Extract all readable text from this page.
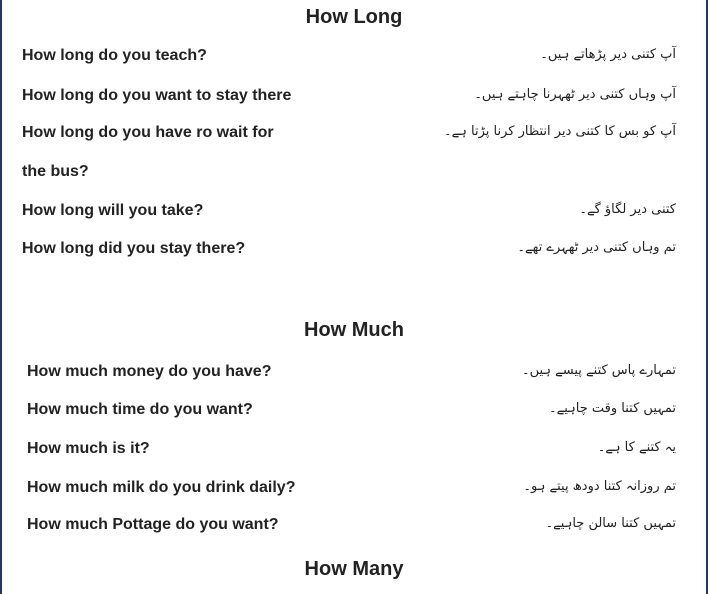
How Long
How long do you teach?	آپ کتنی دیر پڑھاتے ہیں۔
How long do you want to stay there	آپ وہاں کتنی دیر ٹھہرنا چاہتے ہیں۔
How long do you have ro wait for	آپ کو بس کا کتنی دیر انتظار کرنا پڑتا ہے۔
the bus?
How long will you take?	کتنی دیر لگاؤ گے۔
How long did you stay there?	تم وہاں کتنی دیر ٹھہرے تھے۔
How Much
How much money do you have?	تمہارے پاس کتنے پیسے ہیں۔
How much time do you want?	تمہیں کتنا وقت چاہیے۔
How much is it?	یہ کتنے کا ہے۔
How much milk do you drink daily?	تم روزانہ کتنا دودھ پیتے ہو۔
How much Pottage do you want?	تمہیں کتنا سالن چاہیے۔
How Many
